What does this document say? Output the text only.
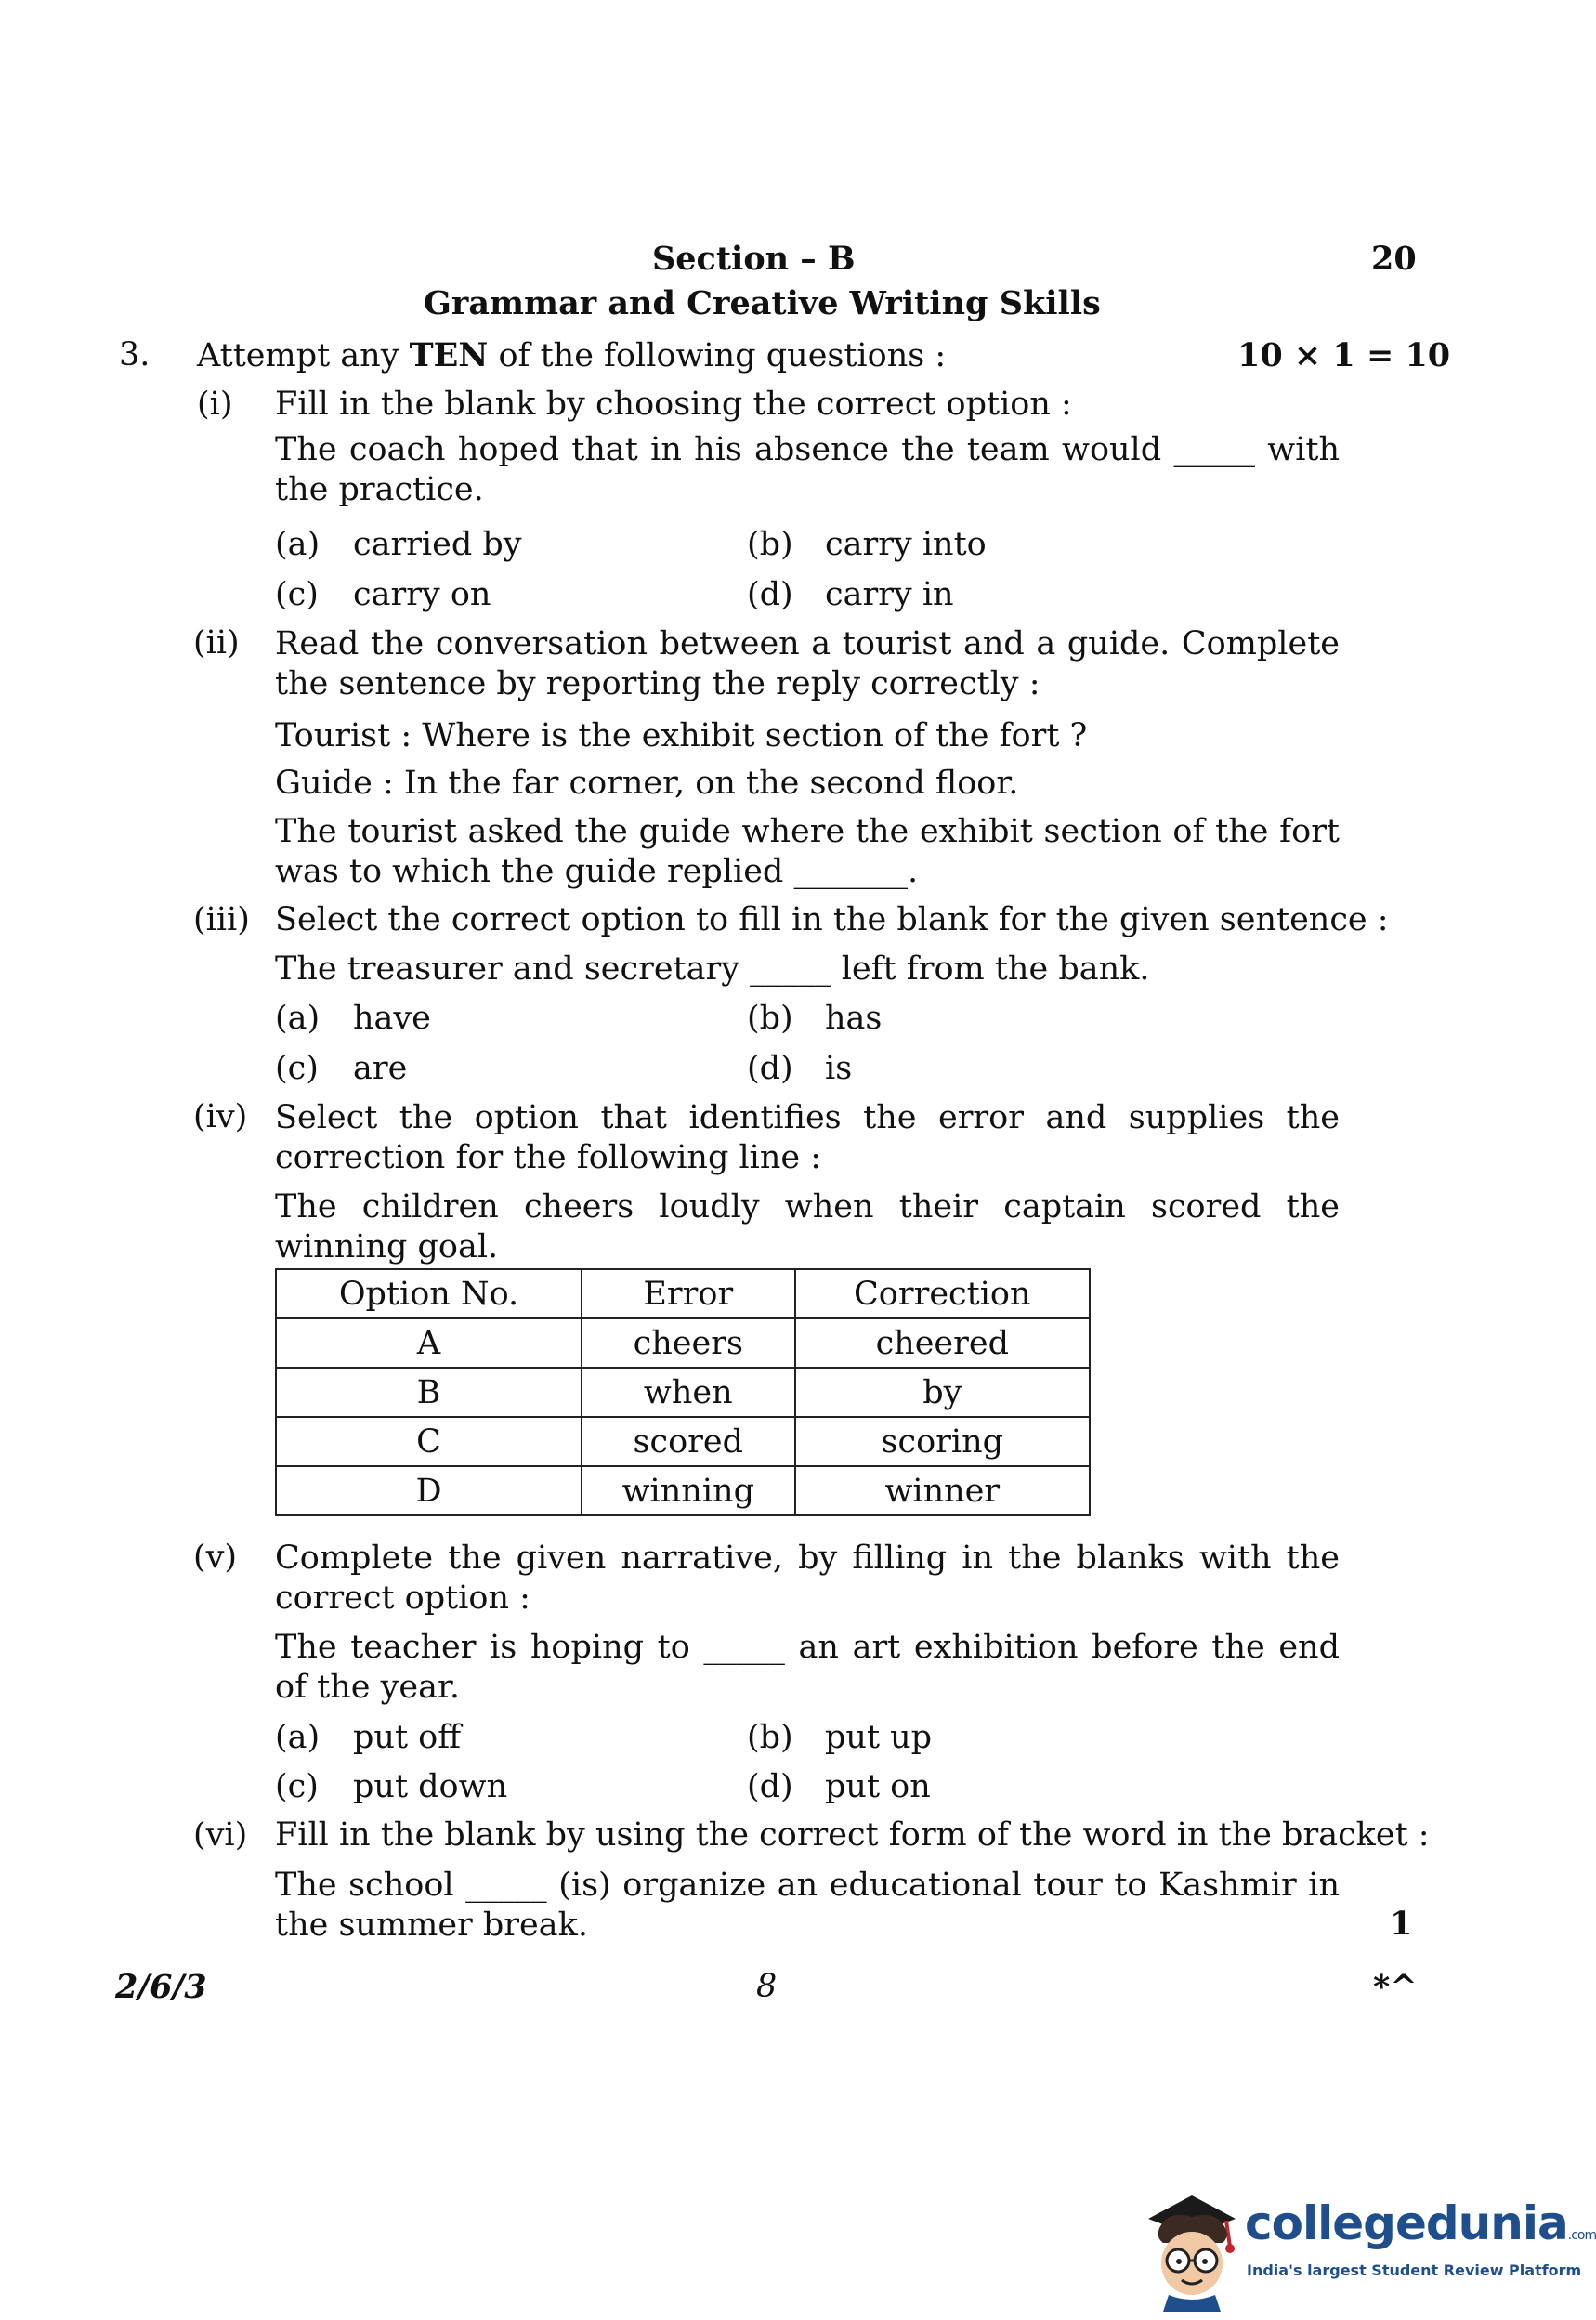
Section – B	20
Grammar and Creative Writing Skills
3. Attempt any TEN of the following questions :	10 × 1 = 10
(i) Fill in the blank by choosing the correct option :
The coach hoped that in his absence the team would _____ with the practice.
(a) carried by	(b) carry into
(c) carry on	(d) carry in
(ii) Read the conversation between a tourist and a guide. Complete the sentence by reporting the reply correctly :
Tourist : Where is the exhibit section of the fort ?
Guide : In the far corner, on the second floor.
The tourist asked the guide where the exhibit section of the fort was to which the guide replied _______.
(iii) Select the correct option to fill in the blank for the given sentence :
The treasurer and secretary _____ left from the bank.
(a) have	(b) has
(c) are	(d) is
(iv) Select the option that identifies the error and supplies the correction for the following line :
The children cheers loudly when their captain scored the winning goal.
Option No.	Error	Correction
A	cheers	cheered
B	when	by
C	scored	scoring
D	winning	winner
(v) Complete the given narrative, by filling in the blanks with the correct option :
The teacher is hoping to _____ an art exhibition before the end of the year.
(a) put off	(b) put up
(c) put down	(d) put on
(vi) Fill in the blank by using the correct form of the word in the bracket :
The school _____ (is) organize an educational tour to Kashmir in the summer break.	1
2/6/3	8	*^
collegedunia.com
India's largest Student Review Platform
